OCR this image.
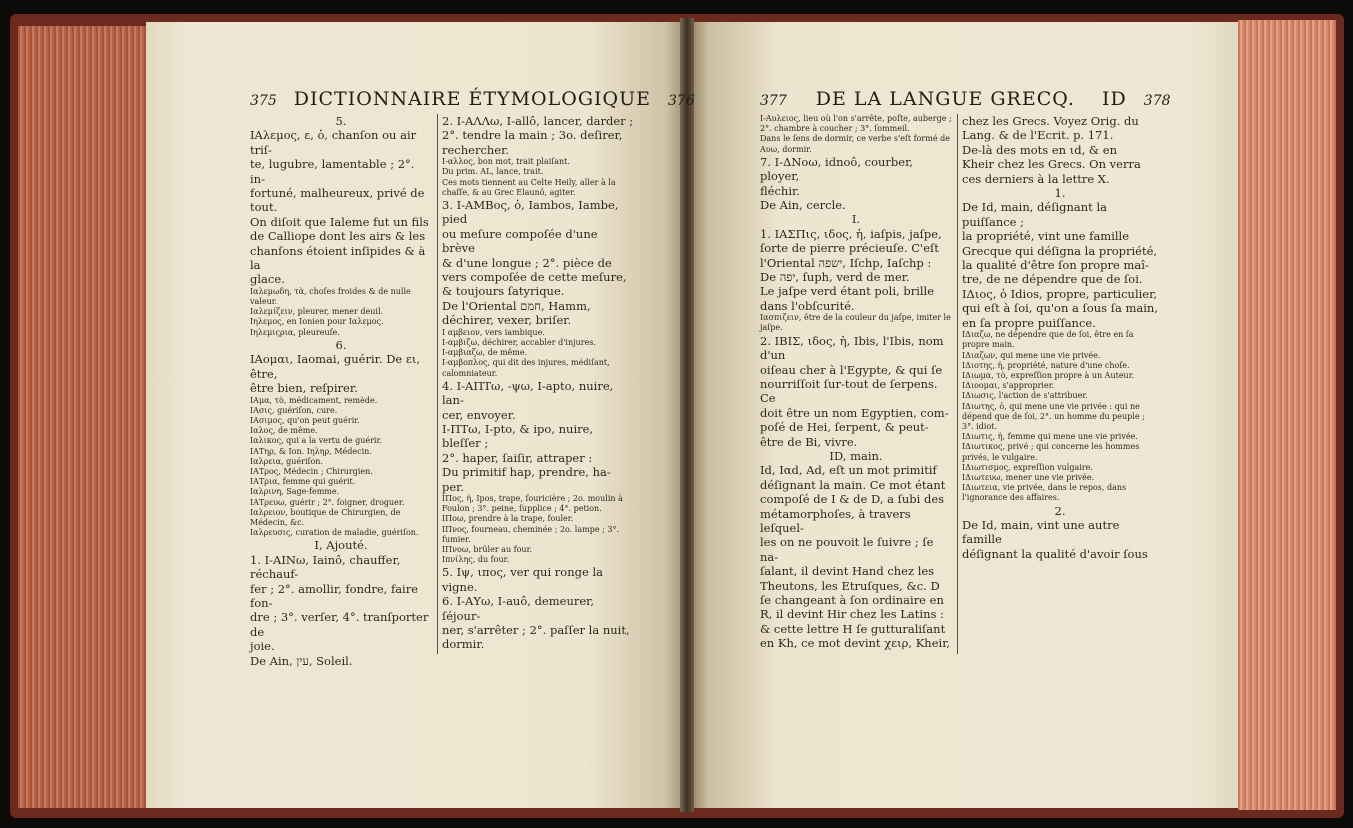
375 DICTIONNAIRE ÉTYMOLOGIQUE 376	377 DE LA LANGUE GRECQ. ID 378

5.

ΙΑλεμος, ε, ὁ, chanſon ou air triſ-

te, lugubre, lamentable ; 2°. in-

fortuné, malheureux, privé de

tout.

On diſoit que Ialeme fut un fils

de Calliope dont les airs & les

chanſons étoient inſipides & à la

glace.

Ιαλεμωδη, τὰ, choſes froides & de nulle valeur.

Ιαλεμίζειν, pleurer, mener deuil.

Ιηλεμος, en Ionien pour Ιαλεμος.

Ιηλεμιςρια, pleureuſe.

6.

ΙΑομαι, Iaomai, guérir. De ει, être,

être bien, reſpirer.

ΙΑμα, τὸ, médicament, remède.

ΙΑσις, guériſon, cure.

ΙΑσιμος, qu'on peut guérir.

Ιαλος, de même.

Ιαλικος, qui a la vertu de guérir.

ΙΑΤηρ, & Ion. Ιηληρ, Médecin.

Ιαλρεια, guériſon.

ΙΑΤρος, Médecin ; Chirurgien.

ΙΑΤρια, femme qui guérit.

Ιαλρινη, Sage-femme.

ΙΑΤρευω, guérir ; 2°. ſoigner, droguer.

Ιαλρειον, boutique de Chirurgien, de Médecin, &c.

Ιαλρευσις, curation de maladie, guériſon.

I, Ajouté.

1. I-ΑΙΝω, Iainô, chauffer, réchauf-

fer ; 2°. amollir, fondre, faire fon-

dre ; 3°. verſer, 4°. tranſporter de

joie.

De Ain, עין, Soleil.

2. I-ΑΛΛω, I-allô, lancer, darder ;

2°. tendre la main ; 3o. deſirer,

rechercher.

I-αλλος, bon mot, trait plaiſant.

Du prim. AL, lance, trait.

Ces mots tiennent au Celte Heily, aller à la chaſſe, & au Grec Elaunô, agiter.

3. I-ΑΜΒος, ὁ, Iambos, Iambe, pied

ou meſure compoſée d'une brève

& d'une longue ; 2°. pièce de

vers compoſée de cette meſure,

& toujours ſatyrique.

De l'Oriental חמם, Hamm,

déchirer, vexer, briſer.

I αμβειον, vers iambique.

I-αμβιζω, déchirer, accabler d'injures.

I-αμβιαζω, de même.

I-αμβοπλος, qui dit des injures, médiſant, calomniateur.

4. I-ΑΠΤω, -ψω, I-apto, nuire, lan-

cer, envoyer.

I-ΠΤω, I-pto, & ipo, nuire, bleſſer ;

2°. haper, ſaiſir, attraper :

Du primitif hap, prendre, ha-

per.

ΙΠος, ἡ, Ipos, trape, ſouricière ; 2o. moulin à Foulon ; 3°. peine, ſupplice ; 4°. petion.

ΙΠοω, prendre à la trape, fouler.

ΙΠνος, fourneau, cheminée ; 2o. lampe ; 3°. fumier.

ΙΠνοω, brûler au four.

Ιπνίλης, du four.

5. Ιψ, ιπος, ver qui ronge la vigne.

6. I-ΑΥω, I-auô, demeurer, ſéjour-

ner, s'arrêter ; 2°. paſſer la nuit,

dormir.

I-Αυλειος, lieu où l'on s'arrête, poſte, auberge ; 2°. chambre à coucher ; 3°. ſommeil.

Dans le ſens de dormir, ce verbe s'eſt formé de Αυω, dormir.

7. I-ΔΝοω, idnoô, courber, ployer,

fléchir.

De Ain, cercle.

I.

1. ΙΑΣΠις, ιδος, ἡ, iaſpis, jaſpe,

ſorte de pierre précieuſe. C'eſt

l'Oriental ישפה, Iſchp, Iaſchp :

De יפה, ſuph, verd de mer.

Le jaſpe verd étant poli, brille

dans l'obſcurité.

Ιασπιζειν, être de la couleur du jaſpe, imiter le jaſpe.

2. ΙΒΙΣ, ιδος, ἡ, Ibis, l'Ibis, nom d'un

oiſeau cher à l'Egypte, & qui ſe

nourriſſoit ſur-tout de ſerpens. Ce

doit être un nom Egyptien, com-

poſé de Hei, ſerpent, & peut-

être de Bi, vivre.

ID, main.

Id, Ιαd, Ad, eſt un mot primitif

déſignant la main. Ce mot étant

compoſé de I & de D, a ſubi des

métamorphoſes, à travers leſquel-

les on ne pouvoit le ſuivre ; ſe na-

ſalant, il devint Hand chez les

Theutons, les Etruſques, &c. D

ſe changeant à ſon ordinaire en

R, il devint Hir chez les Latins :

& cette lettre H ſe gutturaliſant

en Kh, ce mot devint χειρ, Kheir,

chez les Grecs. Voyez Orig. du

Lang. & de l'Ecrit. p. 171.

De-là des mots en ιd, & en

Kheir chez les Grecs. On verra

ces derniers à la lettre X.

1.

De Id, main, déſignant la puiſſance ;

la propriété, vint une famille

Grecque qui déſigna la propriété,

la qualité d'être ſon propre maî-

tre, de ne dépendre que de ſoi.

ΙΔιος, ὁ Idios, propre, particulier,

qui eſt à ſoi, qu'on a ſous ſa main,

en ſa propre puiſſance.

ΙΔιαζω, ne dépendre que de ſoi, être en ſa propre main.

ΙΔιαζων, qui mene une vie privée.

ΙΔιοτης, ἡ, propriété, nature d'une choſe.

ΙΔιωμα, τὸ, expreſſion propre à un Auteur.

ΙΔιοομαι, s'approprier.

ΙΔιωσις, l'action de s'attribuer.

ΙΔιωτης, ὁ, qui mene une vie privée : qui ne dépend que de ſoi, 2°. un homme du peuple ; 3°. idiot.

ΙΔιωτις, ἡ, femme qui mene une vie privée.

ΙΔιωτικος, privé ; qui concerne les hommes privés, le vulgaire.

ΙΔιωτισμος, expreſſion vulgaire.

ΙΔιωτευω, mener une vie privée.

ΙΔιωτεια, vie privée, dans le repos, dans l'ignorance des affaires.

2.

De Id, main, vint une autre famille

déſignant la qualité d'avoir ſous
